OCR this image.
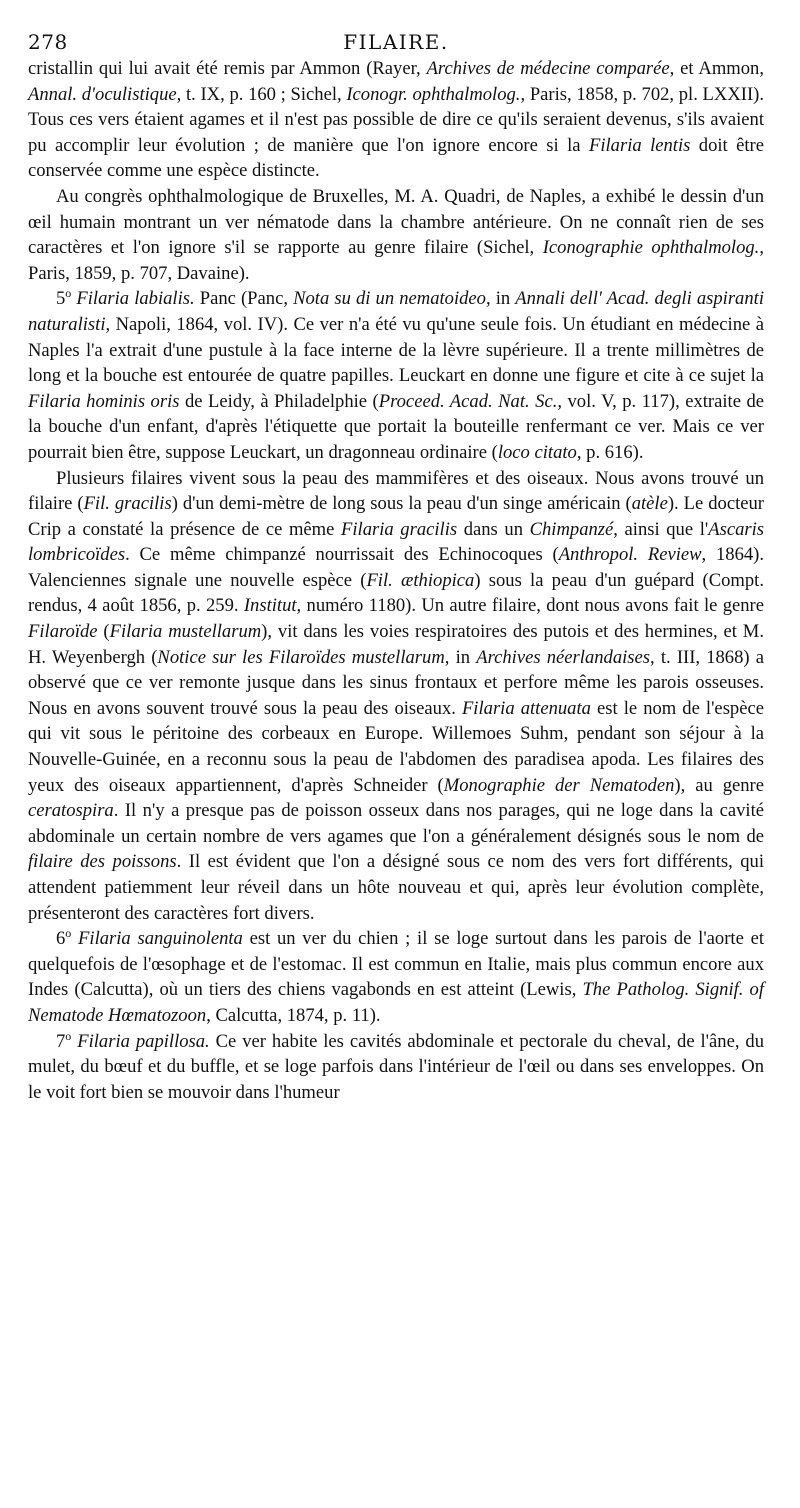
278	FILAIRE.

cristallin qui lui avait été remis par Ammon (Rayer, Archives de médecine comparée, et Ammon, Annal. d'oculistique, t. IX, p. 160 ; Sichel, Iconogr. ophthalmolog., Paris, 1858, p. 702, pl. LXXII). Tous ces vers étaient agames et il n'est pas possible de dire ce qu'ils seraient devenus, s'ils avaient pu accomplir leur évolution ; de manière que l'on ignore encore si la Filaria lentis doit être conservée comme une espèce distincte.

Au congrès ophthalmologique de Bruxelles, M. A. Quadri, de Naples, a exhibé le dessin d'un œil humain montrant un ver nématode dans la chambre antérieure. On ne connaît rien de ses caractères et l'on ignore s'il se rapporte au genre filaire (Sichel, Iconographie ophthalmolog., Paris, 1859, p. 707, Davaine).

5$^o$ Filaria labialis. Panc (Panc, Nota su di un nematoideo, in Annali dell' Acad. degli aspiranti naturalisti, Napoli, 1864, vol. IV). Ce ver n'a été vu qu'une seule fois. Un étudiant en médecine à Naples l'a extrait d'une pustule à la face interne de la lèvre supérieure. Il a trente millimètres de long et la bouche est entourée de quatre papilles. Leuckart en donne une figure et cite à ce sujet la Filaria hominis oris de Leidy, à Philadelphie (Proceed. Acad. Nat. Sc., vol. V, p. 117), extraite de la bouche d'un enfant, d'après l'étiquette que portait la bouteille renfermant ce ver. Mais ce ver pourrait bien être, suppose Leuckart, un dragonneau ordinaire (loco citato, p. 616).

Plusieurs filaires vivent sous la peau des mammifères et des oiseaux. Nous avons trouvé un filaire (Fil. gracilis) d'un demi-mètre de long sous la peau d'un singe américain (atèle). Le docteur Crip a constaté la présence de ce même Filaria gracilis dans un Chimpanzé, ainsi que l'Ascaris lombricoïdes. Ce même chimpanzé nourrissait des Echinocoques (Anthropol. Review, 1864). Valenciennes signale une nouvelle espèce (Fil. æthiopica) sous la peau d'un guépard (Compt. rendus, 4 août 1856, p. 259. Institut, numéro 1180). Un autre filaire, dont nous avons fait le genre Filaroïde (Filaria mustellarum), vit dans les voies respiratoires des putois et des hermines, et M. H. Weyenbergh (Notice sur les Filaroïdes mustellarum, in Archives néerlandaises, t. III, 1868) a observé que ce ver remonte jusque dans les sinus frontaux et perfore même les parois osseuses. Nous en avons souvent trouvé sous la peau des oiseaux. Filaria attenuata est le nom de l'espèce qui vit sous le péritoine des corbeaux en Europe. Willemoes Suhm, pendant son séjour à la Nouvelle-Guinée, en a reconnu sous la peau de l'abdomen des paradisea apoda. Les filaires des yeux des oiseaux appartiennent, d'après Schneider (Monographie der Nematoden), au genre ceratospira. Il n'y a presque pas de poisson osseux dans nos parages, qui ne loge dans la cavité abdominale un certain nombre de vers agames que l'on a généralement désignés sous le nom de filaire des poissons. Il est évident que l'on a désigné sous ce nom des vers fort différents, qui attendent patiemment leur réveil dans un hôte nouveau et qui, après leur évolution complète, présenteront des caractères fort divers.

6$^o$ Filaria sanguinolenta est un ver du chien ; il se loge surtout dans les parois de l'aorte et quelquefois de l'œsophage et de l'estomac. Il est commun en Italie, mais plus commun encore aux Indes (Calcutta), où un tiers des chiens vagabonds en est atteint (Lewis, The Patholog. Signif. of Nematode Hœmatozoon, Calcutta, 1874, p. 11).

7$^o$ Filaria papillosa. Ce ver habite les cavités abdominale et pectorale du cheval, de l'âne, du mulet, du bœuf et du buffle, et se loge parfois dans l'intérieur de l'œil ou dans ses enveloppes. On le voit fort bien se mouvoir dans l'humeur
